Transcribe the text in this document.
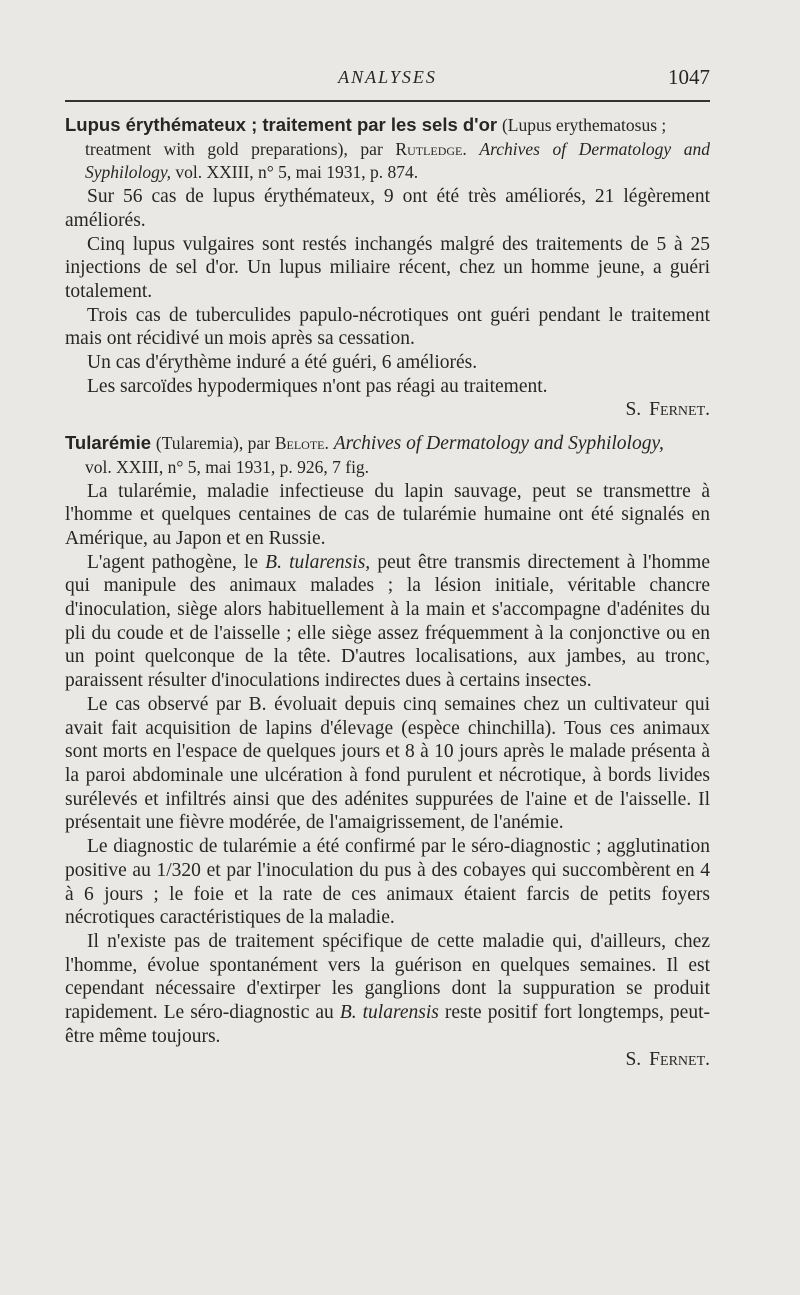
ANALYSES	1047
Lupus érythémateux ; traitement par les sels d'or (Lupus erythematosus ;
treatment with gold preparations), par Rutledge. Archives of Dermatology and Syphilology, vol. XXIII, n° 5, mai 1931, p. 874.

Sur 56 cas de lupus érythémateux, 9 ont été très améliorés, 21 légèrement améliorés.

Cinq lupus vulgaires sont restés inchangés malgré des traitements de 5 à 25 injections de sel d'or. Un lupus miliaire récent, chez un homme jeune, a guéri totalement.

Trois cas de tuberculides papulo-nécrotiques ont guéri pendant le traitement mais ont récidivé un mois après sa cessation.

Un cas d'érythème induré a été guéri, 6 améliorés.

Les sarcoïdes hypodermiques n'ont pas réagi au traitement.

S. Fernet.

Tularémie (Tularemia), par Belote. Archives of Dermatology and Syphilology,
vol. XXIII, n° 5, mai 1931, p. 926, 7 fig.

La tularémie, maladie infectieuse du lapin sauvage, peut se transmettre à l'homme et quelques centaines de cas de tularémie humaine ont été signalés en Amérique, au Japon et en Russie.

L'agent pathogène, le B. tularensis, peut être transmis directement à l'homme qui manipule des animaux malades ; la lésion initiale, véritable chancre d'inoculation, siège alors habituellement à la main et s'accompagne d'adénites du pli du coude et de l'aisselle ; elle siège assez fréquemment à la conjonctive ou en un point quelconque de la tête. D'autres localisations, aux jambes, au tronc, paraissent résulter d'inoculations indirectes dues à certains insectes.

Le cas observé par B. évoluait depuis cinq semaines chez un cultivateur qui avait fait acquisition de lapins d'élevage (espèce chinchilla). Tous ces animaux sont morts en l'espace de quelques jours et 8 à 10 jours après le malade présenta à la paroi abdominale une ulcération à fond purulent et nécrotique, à bords livides surélevés et infiltrés ainsi que des adénites suppurées de l'aine et de l'aisselle. Il présentait une fièvre modérée, de l'amaigrissement, de l'anémie.

Le diagnostic de tularémie a été confirmé par le séro-diagnostic ; agglutination positive au 1/320 et par l'inoculation du pus à des cobayes qui succombèrent en 4 à 6 jours ; le foie et la rate de ces animaux étaient farcis de petits foyers nécrotiques caractéristiques de la maladie.

Il n'existe pas de traitement spécifique de cette maladie qui, d'ailleurs, chez l'homme, évolue spontanément vers la guérison en quelques semaines. Il est cependant nécessaire d'extirper les ganglions dont la suppuration se produit rapidement. Le séro-diagnostic au B. tularensis reste positif fort longtemps, peut-être même toujours.

S. Fernet.
